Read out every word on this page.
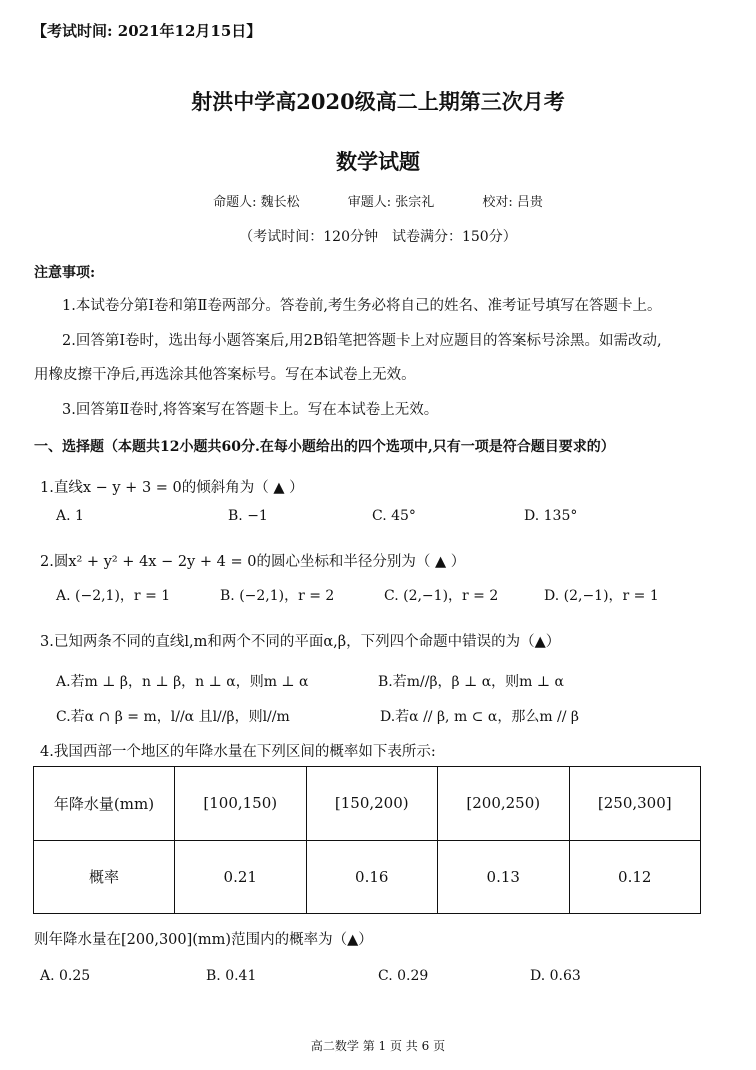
【考试时间: 2021年12月15日】
射洪中学高2020级高二上期第三次月考
数学试题
命题人: 魏长松	审题人: 张宗礼	校对: 吕贵
（考试时间：120分钟　试卷满分：150分）
注意事项:
1.本试卷分第Ⅰ卷和第Ⅱ卷两部分。答卷前,考生务必将自己的姓名、准考证号填写在答题卡上。
2.回答第Ⅰ卷时，选出每小题答案后,用2B铅笔把答题卡上对应题目的答案标号涂黑。如需改动,
用橡皮擦干净后,再选涂其他答案标号。写在本试卷上无效。
3.回答第Ⅱ卷时,将答案写在答题卡上。写在本试卷上无效。
一、选择题（本题共12小题共60分.在每小题给出的四个选项中,只有一项是符合题目要求的）
1.直线x − y + 3 = 0的倾斜角为（ ▲ ）
A. 1	B. −1	C. 45°	D. 135°
2.圆x² + y² + 4x − 2y + 4 = 0的圆心坐标和半径分别为（ ▲ ）
A. (−2,1)，r = 1	B. (−2,1)，r = 2	C. (2,−1)，r = 2	D. (2,−1)，r = 1
3.已知两条不同的直线l,m和两个不同的平面α,β，下列四个命题中错误的为（▲）
A.若m ⊥ β，n ⊥ β，n ⊥ α，则m ⊥ α	B.若m//β，β ⊥ α，则m ⊥ α
C.若α ∩ β = m，l//α 且l//β，则l//m	D.若α // β, m ⊂ α，那么m // β
4.我国西部一个地区的年降水量在下列区间的概率如下表所示:
年降水量(mm)	[100,150)	[150,200)	[200,250)	[250,300]
概率	0.21	0.16	0.13	0.12
则年降水量在[200,300](mm)范围内的概率为（▲）
A. 0.25	B. 0.41	C. 0.29	D. 0.63
高二数学 第 1 页 共 6 页
